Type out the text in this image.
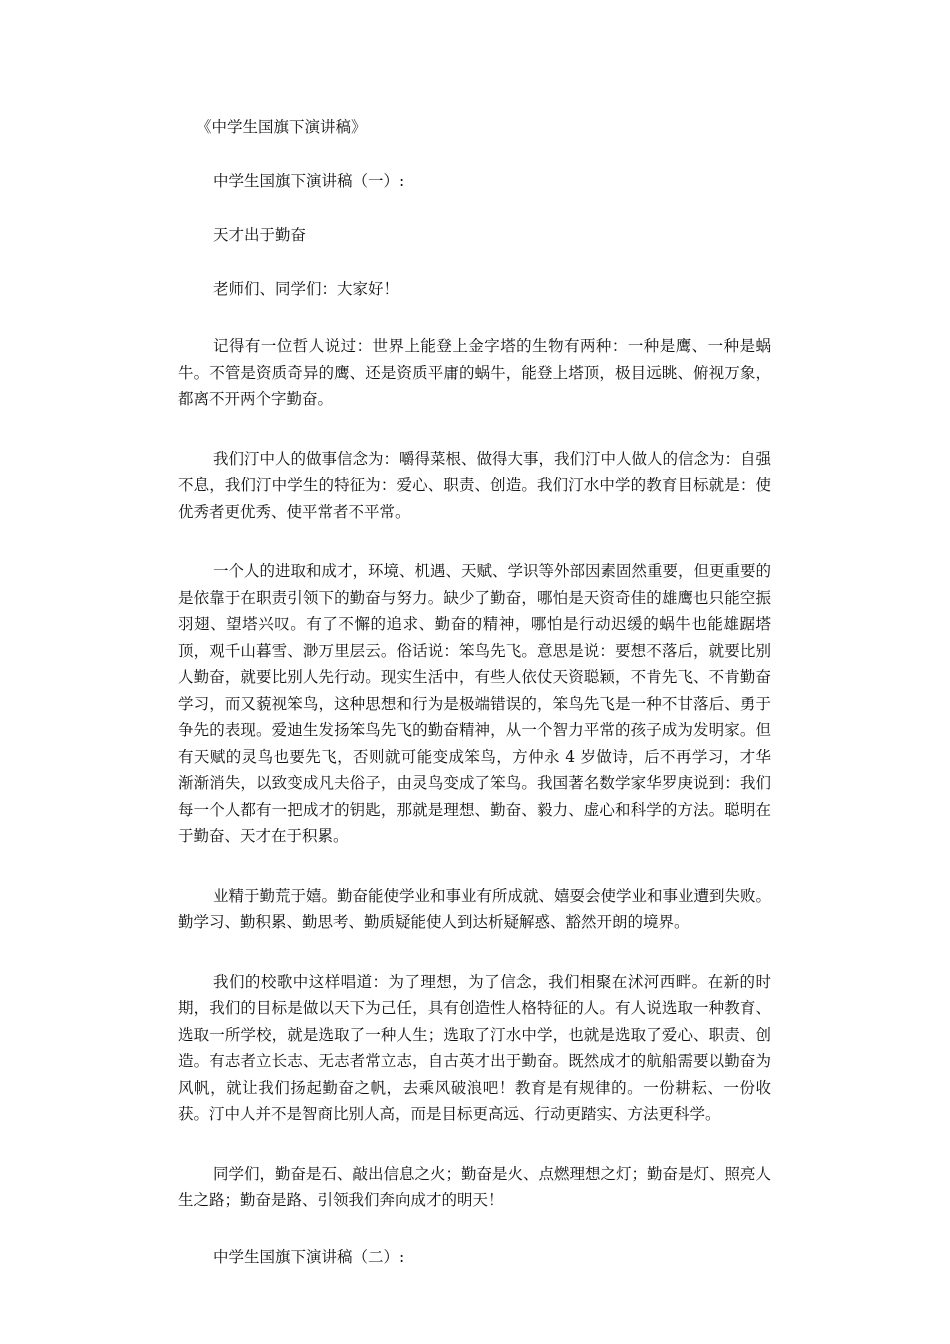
《中学生国旗下演讲稿》

中学生国旗下演讲稿（一）:

天才出于勤奋

老师们、同学们：大家好！

记得有一位哲人说过：世界上能登上金字塔的生物有两种：一种是鹰、一种是蜗牛。不管是资质奇异的鹰、还是资质平庸的蜗牛，能登上塔顶，极目远眺、俯视万象，都离不开两个字勤奋。

我们汀中人的做事信念为：嚼得菜根、做得大事，我们汀中人做人的信念为：自强不息，我们汀中学生的特征为：爱心、职责、创造。我们汀水中学的教育目标就是：使优秀者更优秀、使平常者不平常。

一个人的进取和成才，环境、机遇、天赋、学识等外部因素固然重要，但更重要的是依靠于在职责引领下的勤奋与努力。缺少了勤奋，哪怕是天资奇佳的雄鹰也只能空振羽翅、望塔兴叹。有了不懈的追求、勤奋的精神，哪怕是行动迟缓的蜗牛也能雄踞塔顶，观千山暮雪、渺万里层云。俗话说：笨鸟先飞。意思是说：要想不落后，就要比别人勤奋，就要比别人先行动。现实生活中，有些人依仗天资聪颖，不肯先飞、不肯勤奋学习，而又藐视笨鸟，这种思想和行为是极端错误的，笨鸟先飞是一种不甘落后、勇于争先的表现。爱迪生发扬笨鸟先飞的勤奋精神，从一个智力平常的孩子成为发明家。但有天赋的灵鸟也要先飞，否则就可能变成笨鸟，方仲永 4 岁做诗，后不再学习，才华渐渐消失，以致变成凡夫俗子，由灵鸟变成了笨鸟。我国著名数学家华罗庚说到：我们每一个人都有一把成才的钥匙，那就是理想、勤奋、毅力、虚心和科学的方法。聪明在于勤奋、天才在于积累。

业精于勤荒于嬉。勤奋能使学业和事业有所成就、嬉耍会使学业和事业遭到失败。勤学习、勤积累、勤思考、勤质疑能使人到达析疑解惑、豁然开朗的境界。

我们的校歌中这样唱道：为了理想，为了信念，我们相聚在沭河西畔。在新的时期，我们的目标是做以天下为己任，具有创造性人格特征的人。有人说选取一种教育、选取一所学校，就是选取了一种人生；选取了汀水中学，也就是选取了爱心、职责、创造。有志者立长志、无志者常立志，自古英才出于勤奋。既然成才的航船需要以勤奋为风帆，就让我们扬起勤奋之帆，去乘风破浪吧！教育是有规律的。一份耕耘、一份收获。汀中人并不是智商比别人高，而是目标更高远、行动更踏实、方法更科学。

同学们，勤奋是石、敲出信息之火；勤奋是火、点燃理想之灯；勤奋是灯、照亮人生之路；勤奋是路、引领我们奔向成才的明天！

中学生国旗下演讲稿（二）:
